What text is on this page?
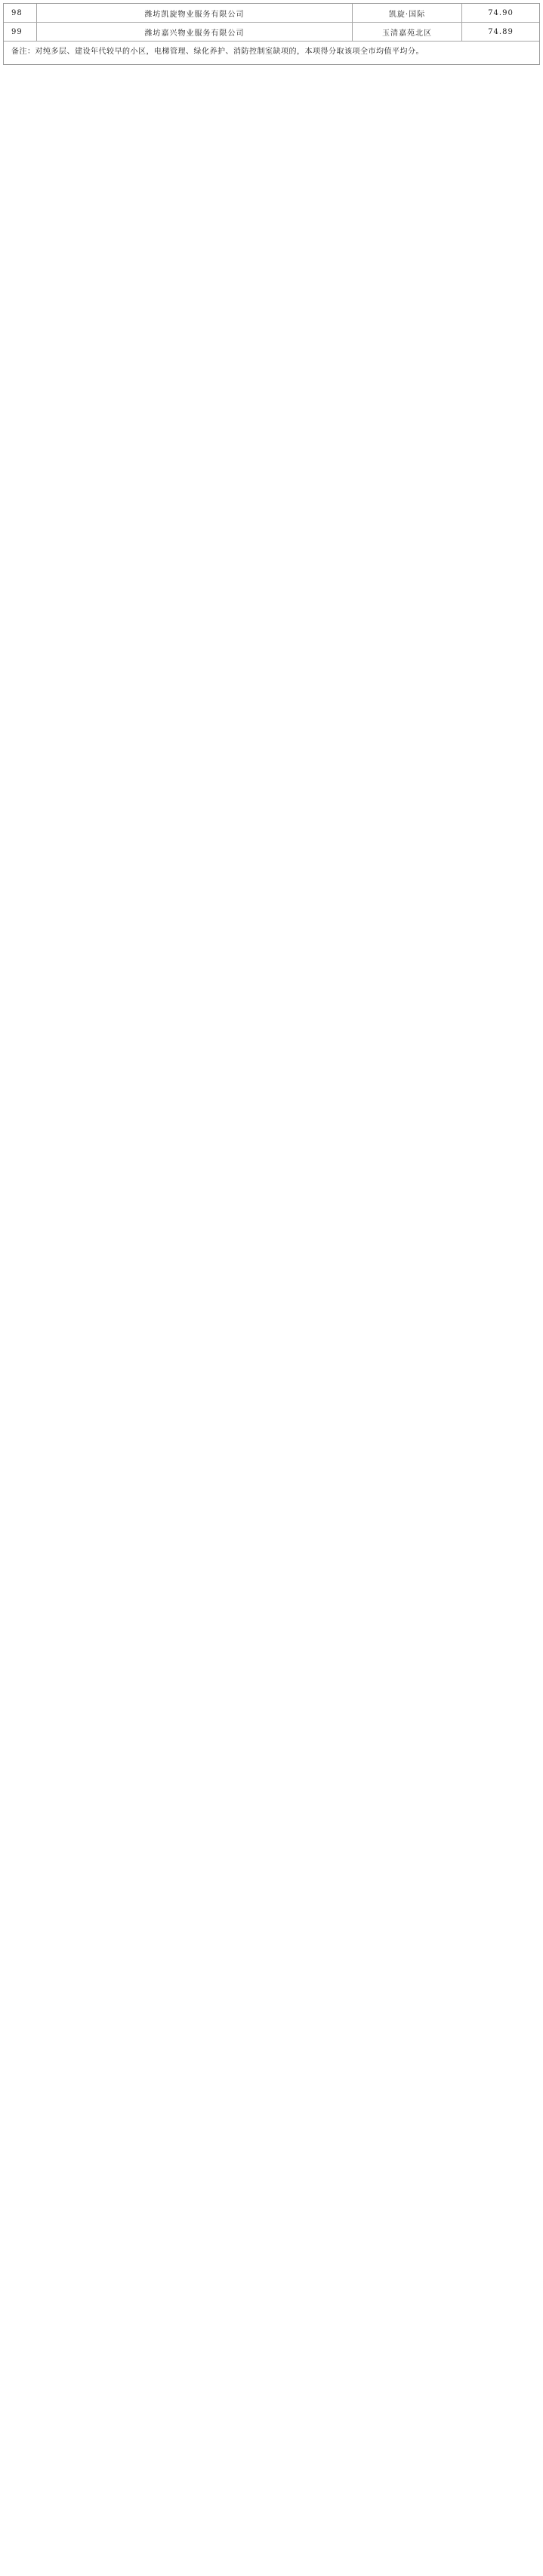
98	潍坊凯旋物业服务有限公司	凯旋·国际	74.90
99	潍坊嘉兴物业服务有限公司	玉清嘉苑北区	74.89
备注：对纯多层、建设年代较早的小区，电梯管理、绿化养护、消防控制室缺项的，本项得分取该项全市均值平均分。
